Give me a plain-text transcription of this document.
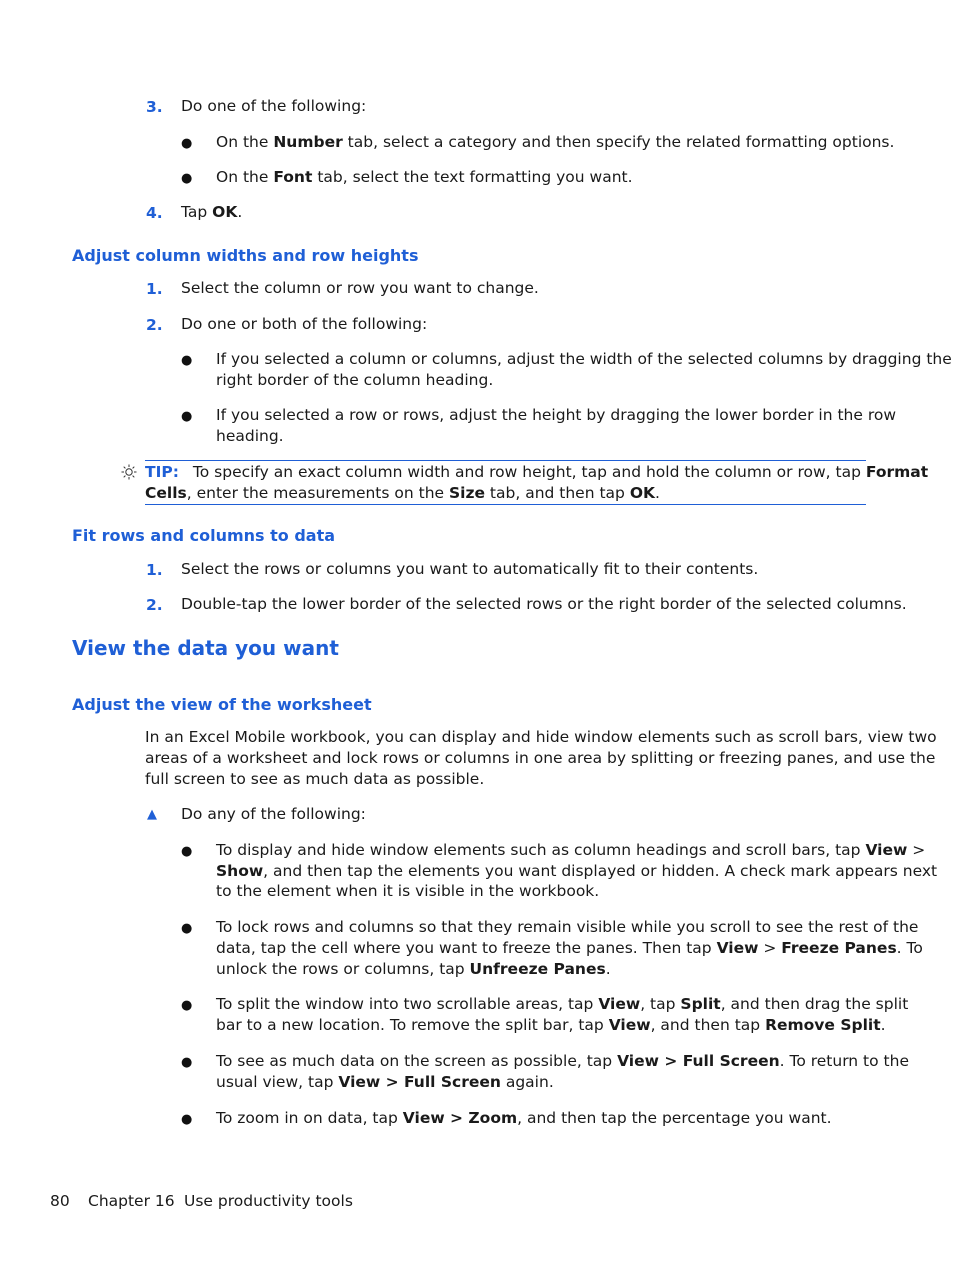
3. Do one of the following:
● On the Number tab, select a category and then specify the related formatting options.
● On the Font tab, select the text formatting you want.
4. Tap OK.
Adjust column widths and row heights
1. Select the column or row you want to change.
2. Do one or both of the following:
● If you selected a column or columns, adjust the width of the selected columns by dragging the
right border of the column heading.
● If you selected a row or rows, adjust the height by dragging the lower border in the row
heading.
TIP: To specify an exact column width and row height, tap and hold the column or row, tap Format
Cells, enter the measurements on the Size tab, and then tap OK.
Fit rows and columns to data
1. Select the rows or columns you want to automatically fit to their contents.
2. Double-tap the lower border of the selected rows or the right border of the selected columns.
View the data you want
Adjust the view of the worksheet
In an Excel Mobile workbook, you can display and hide window elements such as scroll bars, view two
areas of a worksheet and lock rows or columns in one area by splitting or freezing panes, and use the
full screen to see as much data as possible.
▲ Do any of the following:
● To display and hide window elements such as column headings and scroll bars, tap View >
Show, and then tap the elements you want displayed or hidden. A check mark appears next
to the element when it is visible in the workbook.
● To lock rows and columns so that they remain visible while you scroll to see the rest of the
data, tap the cell where you want to freeze the panes. Then tap View > Freeze Panes. To
unlock the rows or columns, tap Unfreeze Panes.
● To split the window into two scrollable areas, tap View, tap Split, and then drag the split
bar to a new location. To remove the split bar, tap View, and then tap Remove Split.
● To see as much data on the screen as possible, tap View > Full Screen. To return to the
usual view, tap View > Full Screen again.
● To zoom in on data, tap View > Zoom, and then tap the percentage you want.
80 Chapter 16 Use productivity tools
